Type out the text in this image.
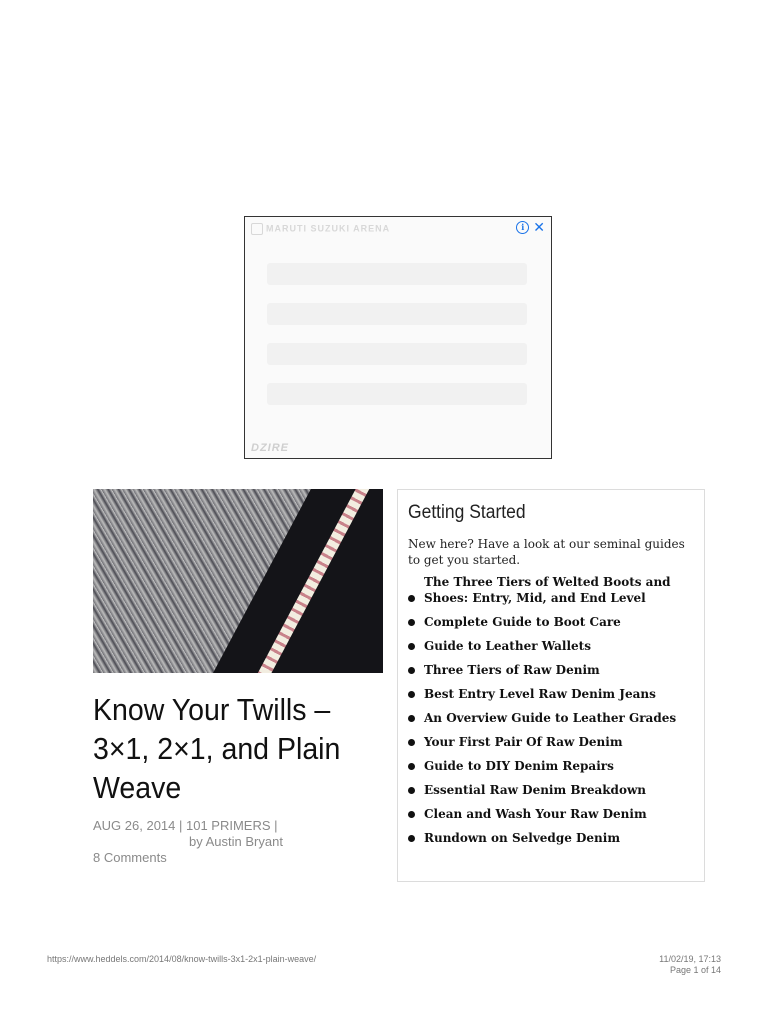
MARUTI SUZUKI ARENA	i ✕
DZIRE
Know Your Twills – 3×1, 2×1, and Plain Weave
AUG 26, 2014 | 101 PRIMERS |
by Austin Bryant
8 Comments
Getting Started

New here? Have a look at our seminal guides to get you started.

The Three Tiers of Welted Boots and Shoes: Entry, Mid, and End Level
Complete Guide to Boot Care
Guide to Leather Wallets
Three Tiers of Raw Denim
Best Entry Level Raw Denim Jeans
An Overview Guide to Leather Grades
Your First Pair Of Raw Denim
Guide to DIY Denim Repairs
Essential Raw Denim Breakdown
Clean and Wash Your Raw Denim
Rundown on Selvedge Denim
https://www.heddels.com/2014/08/know-twills-3x1-2x1-plain-weave/	11/02/19, 17:13
Page 1 of 14
